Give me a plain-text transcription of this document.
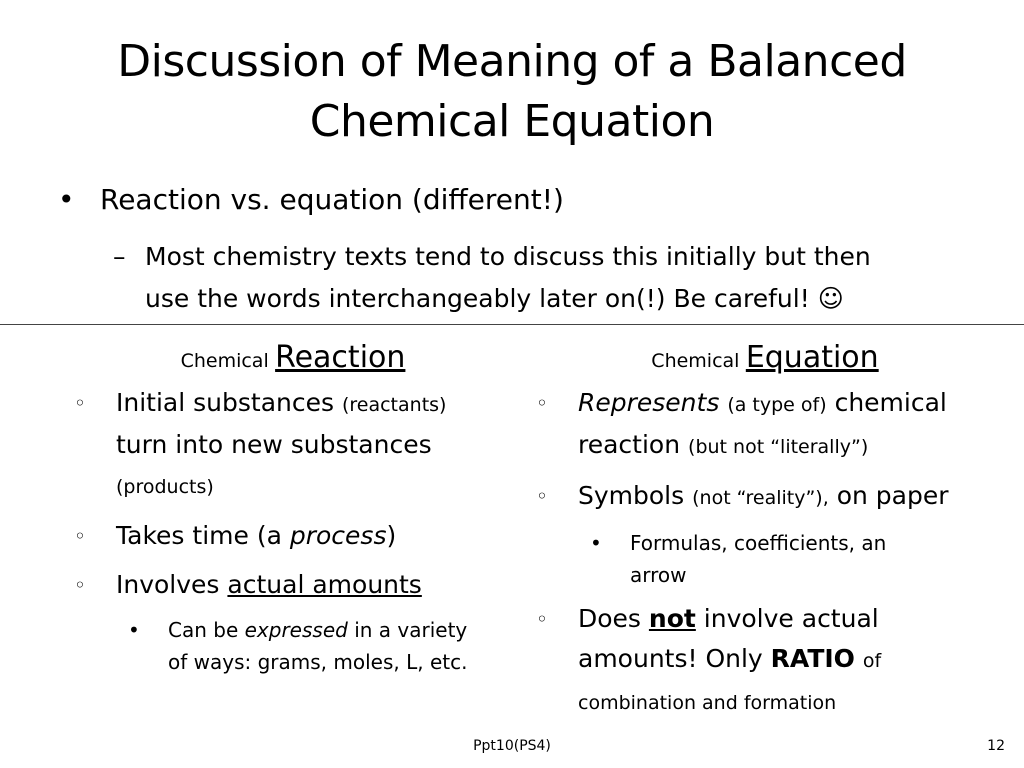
Discussion of Meaning of a Balanced
Chemical Equation
• Reaction vs. equation (different!)
– Most chemistry texts tend to discuss this initially but then
use the words interchangeably later on(!) Be careful! ☺
Chemical Reaction
◦ Initial substances (reactants)
turn into new substances
(products)
◦ Takes time (a process)
◦ Involves actual amounts
• Can be expressed in a variety
of ways: grams, moles, L, etc.
Chemical Equation
◦ Represents (a type of) chemical
reaction (but not “literally”)
◦ Symbols (not “reality”), on paper
• Formulas, coefficients, an
arrow
◦ Does not involve actual
amounts! Only RATIO of
combination and formation
Ppt10(PS4)	12
